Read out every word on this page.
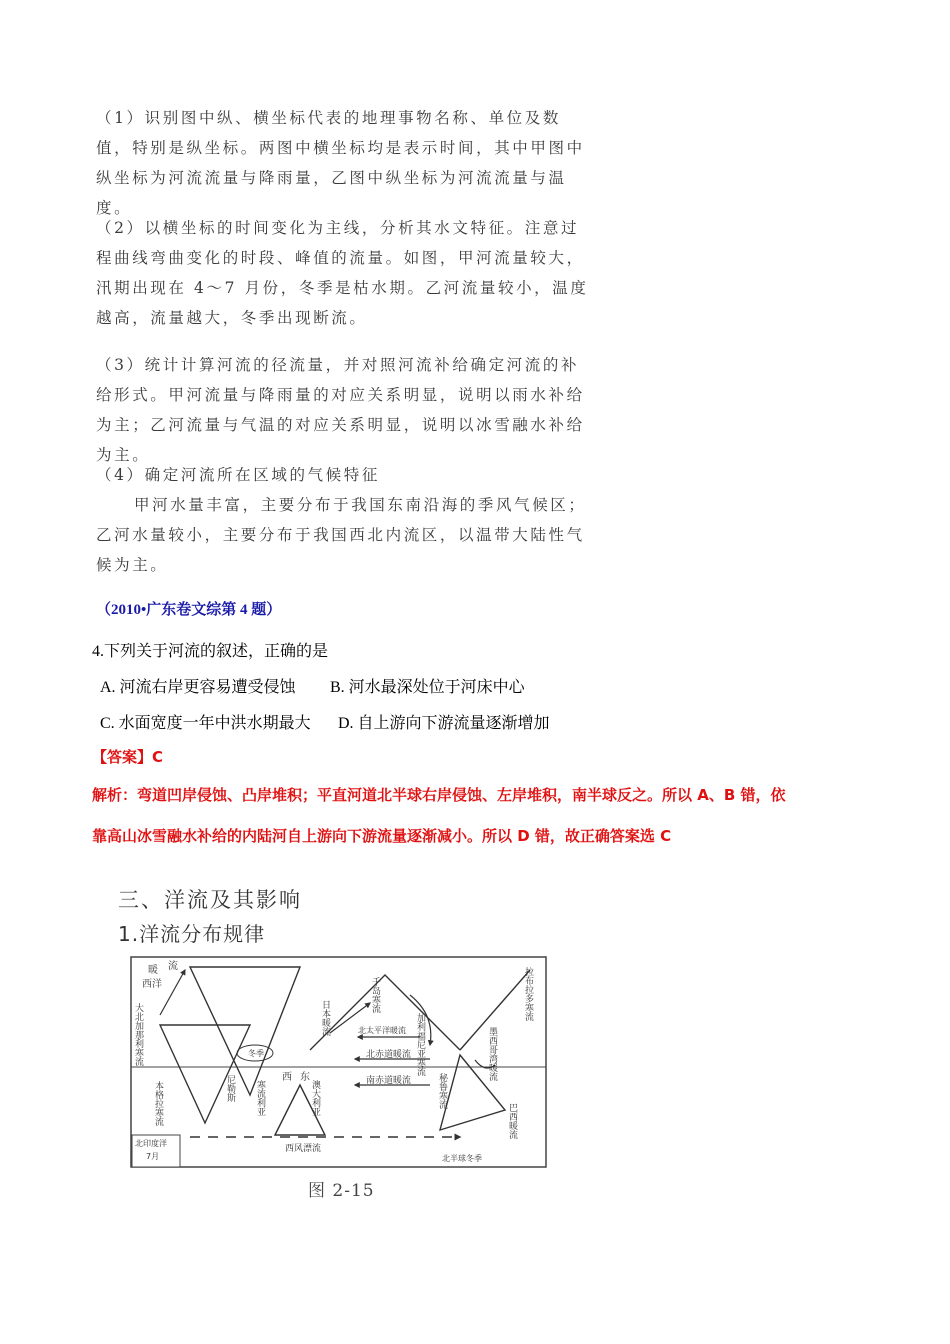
（1）识别图中纵、横坐标代表的地理事物名称、单位及数值，特别是纵坐标。两图中横坐标均是表示时间，其中甲图中纵坐标为河流流量与降雨量，乙图中纵坐标为河流流量与温度。

（2）以横坐标的时间变化为主线，分析其水文特征。注意过程曲线弯曲变化的时段、峰值的流量。如图，甲河流量较大，汛期出现在 4～7 月份，冬季是枯水期。乙河流量较小，温度越高，流量越大，冬季出现断流。

（3）统计计算河流的径流量，并对照河流补给确定河流的补给形式。甲河流量与降雨量的对应关系明显，说明以雨水补给为主；乙河流量与气温的对应关系明显，说明以冰雪融水补给为主。

（4）确定河流所在区域的气候特征

甲河水量丰富，主要分布于我国东南沿海的季风气候区；乙河水量较小，主要分布于我国西北内流区，以温带大陆性气候为主。

（2010•广东卷文综第 4 题）

4.下列关于河流的叙述，正确的是

A. 河流右岸更容易遭受侵蚀 B. 河水最深处位于河床中心

C. 水面宽度一年中洪水期最大 D. 自上游向下游流量逐渐增加

【答案】C

解析：弯道凹岸侵蚀、凸岸堆积；平直河道北半球右岸侵蚀、左岸堆积，南半球反之。所以 A、B 错，依

靠高山冰雪融水补给的内陆河自上游向下游流量逐渐减小。所以 D 错，故正确答案选 C

三、洋流及其影响

1.洋流分布规律

暖 流
西洋
大北加那利寒流
本格拉寒流	尼勒斯
冬季
西 东
寒流利亚	澳大利亚	南赤道暖流
北赤道暖流
北太平洋暖流
日本暖流
千岛寒流
加利福尼亚寒流
拉布拉多寒流
墨西哥湾暖流
秘鲁寒流
巴西暖流
西风漂流
北印度洋
7月	北半球冬季

图 2-15
